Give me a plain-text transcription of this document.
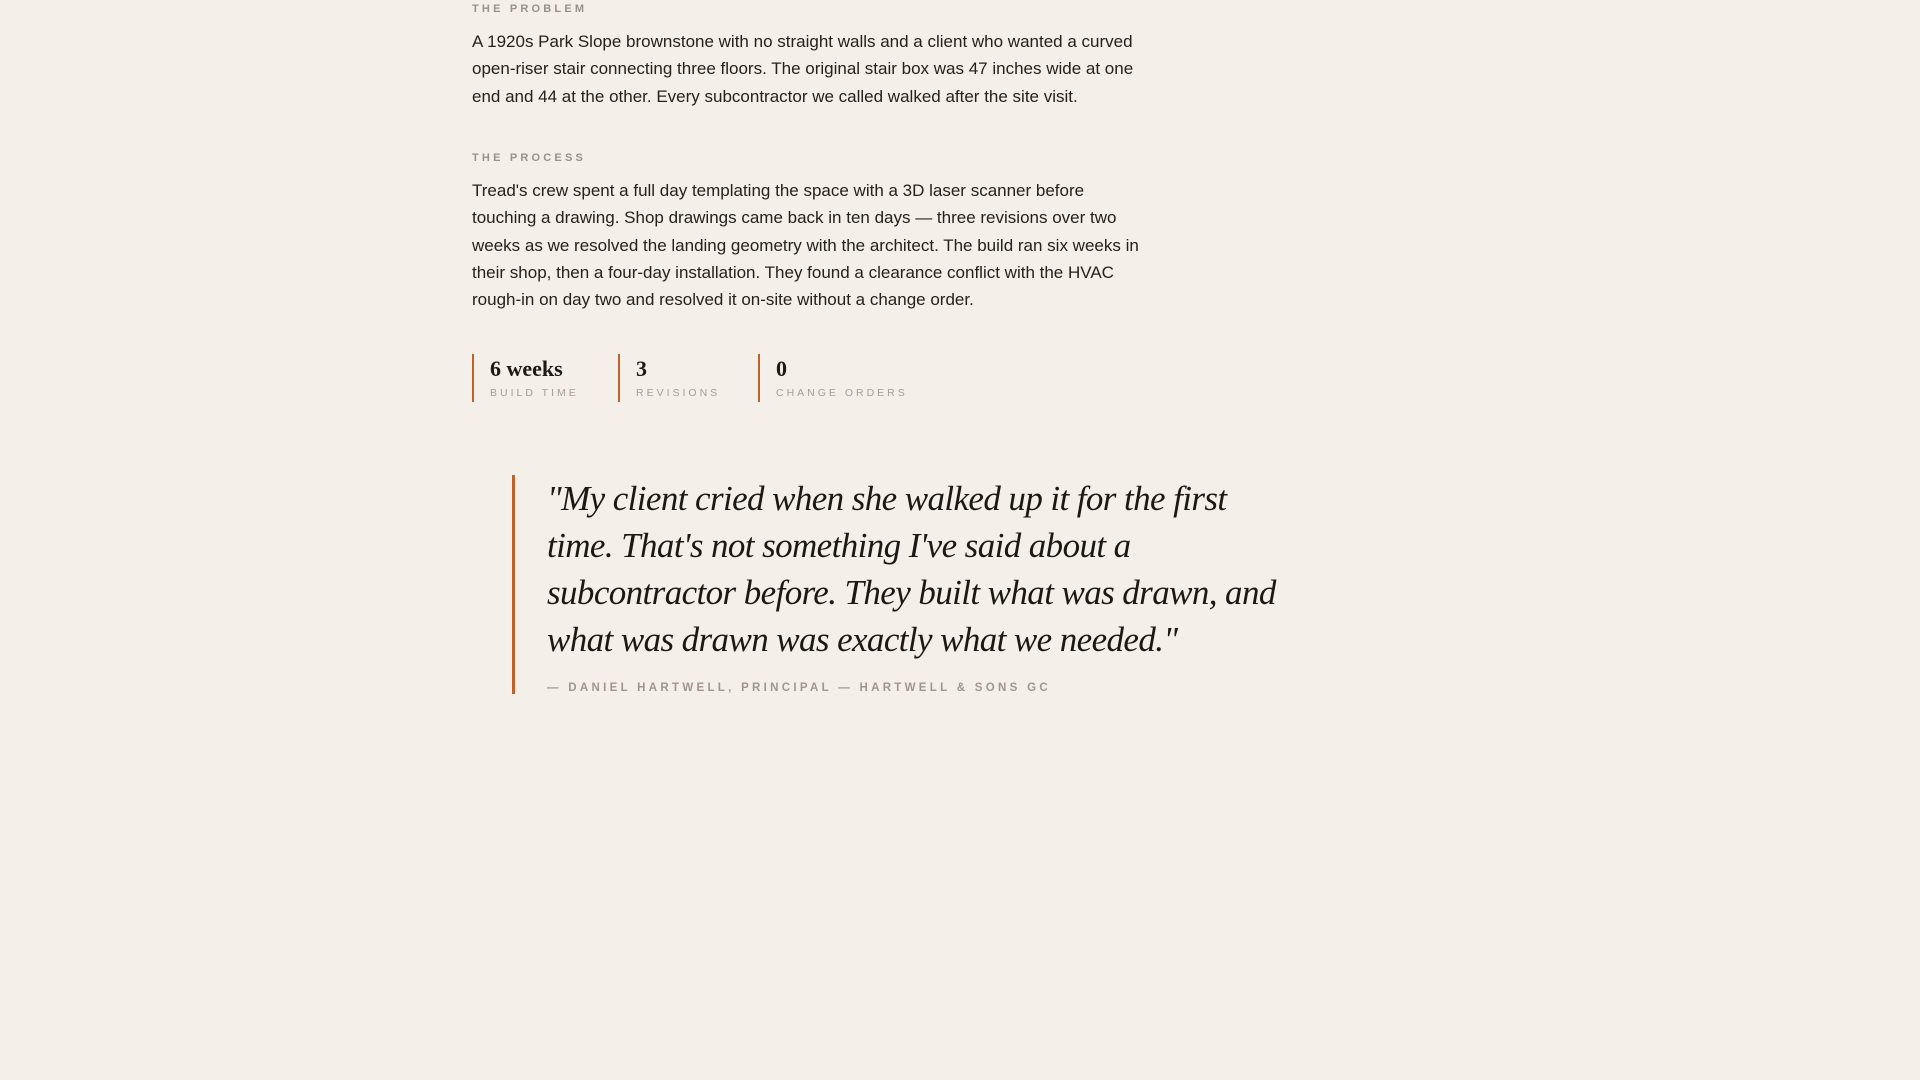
THE PROBLEM

A 1920s Park Slope brownstone with no straight walls and a client who wanted a curved open-riser stair connecting three floors. The original stair box was 47 inches wide at one end and 44 at the other. Every subcontractor we called walked after the site visit.

THE PROCESS

Tread's crew spent a full day templating the space with a 3D laser scanner before touching a drawing. Shop drawings came back in ten days — three revisions over two weeks as we resolved the landing geometry with the architect. The build ran six weeks in their shop, then a four-day installation. They found a clearance conflict with the HVAC rough-in on day two and resolved it on-site without a change order.

6 weeks
BUILD TIME
3
REVISIONS
0
CHANGE ORDERS

"My client cried when she walked up it for the first time. That's not something I've said about a subcontractor before. They built what was drawn, and what was drawn was exactly what we needed."

— DANIEL HARTWELL, PRINCIPAL — HARTWELL & SONS GC
